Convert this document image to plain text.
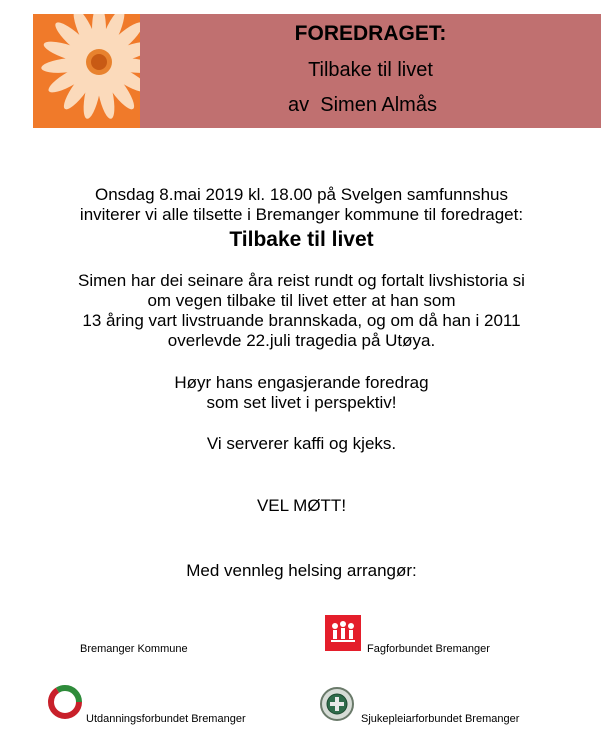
FOREDRAGET:
Tilbake til livet
av  Simen Almås
Onsdag 8.mai 2019 kl. 18.00 på Svelgen samfunnshus
inviterer vi alle tilsette i Bremanger kommune til foredraget:
Tilbake til livet
Simen har dei seinare åra reist rundt og fortalt livshistoria si
om vegen tilbake til livet etter at han som
13 åring vart livstruande brannskada, og om då han i 2011
overlevde 22.juli tragedia på Utøya.
Høyr hans engasjerande foredrag
som set livet i perspektiv!
Vi serverer kaffi og kjeks.
VEL MØTT!
Med vennleg helsing arrangør:
Bremanger Kommune	Fagforbundet Bremanger
Utdanningsforbundet Bremanger	Sjukepleiarforbundet Bremanger
